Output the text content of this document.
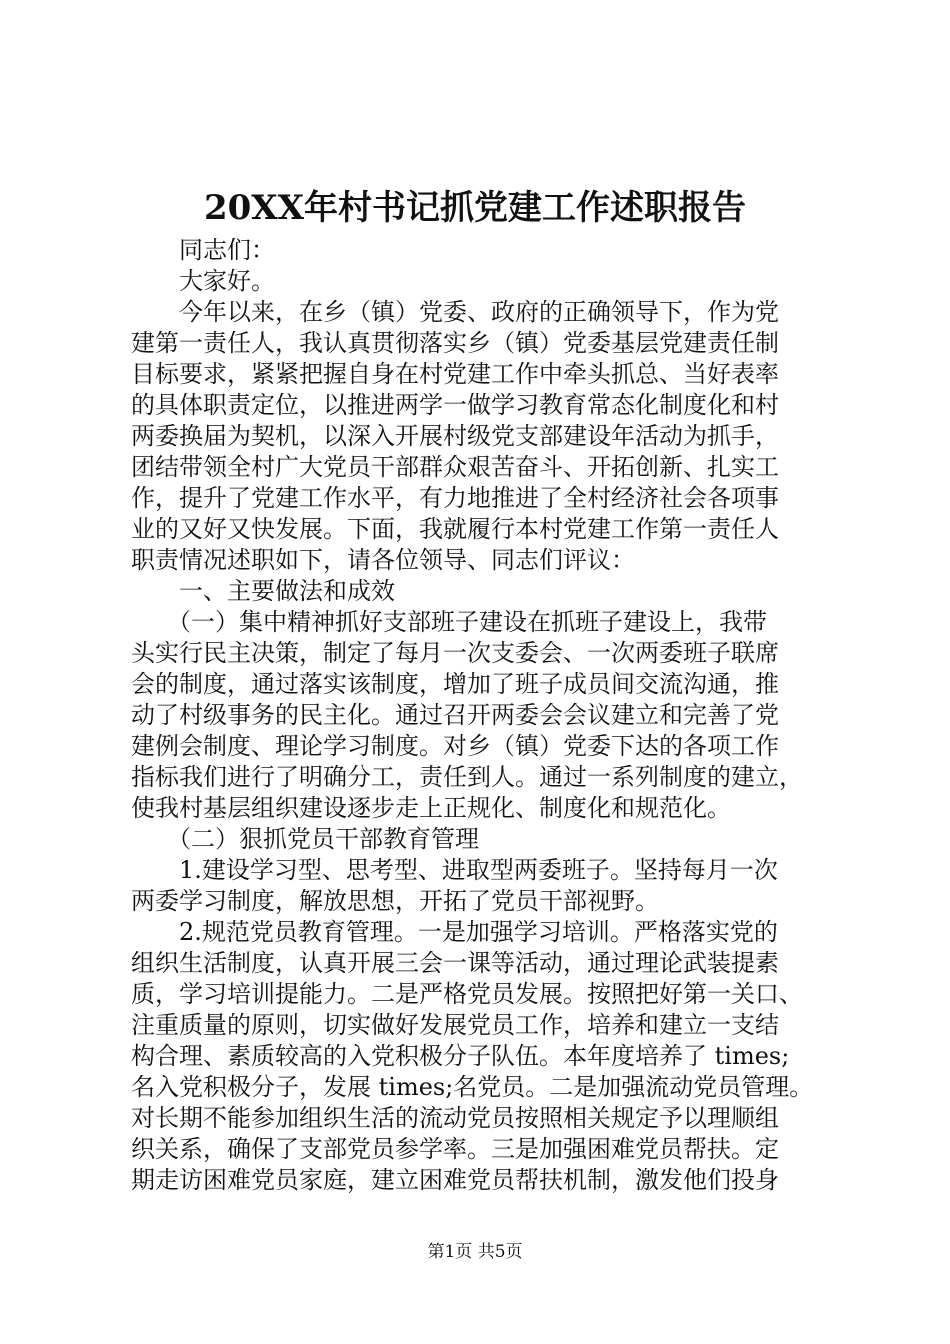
20XX年村书记抓党建工作述职报告
　　同志们：
　　大家好。
　　今年以来，在乡（镇）党委、政府的正确领导下，作为党
建第一责任人，我认真贯彻落实乡（镇）党委基层党建责任制
目标要求，紧紧把握自身在村党建工作中牵头抓总、当好表率
的具体职责定位，以推进两学一做学习教育常态化制度化和村
两委换届为契机，以深入开展村级党支部建设年活动为抓手，
团结带领全村广大党员干部群众艰苦奋斗、开拓创新、扎实工
作，提升了党建工作水平，有力地推进了全村经济社会各项事
业的又好又快发展。下面，我就履行本村党建工作第一责任人
职责情况述职如下，请各位领导、同志们评议：
　　一、主要做法和成效
　　（一）集中精神抓好支部班子建设在抓班子建设上，我带
头实行民主决策，制定了每月一次支委会、一次两委班子联席
会的制度，通过落实该制度，增加了班子成员间交流沟通，推
动了村级事务的民主化。通过召开两委会会议建立和完善了党
建例会制度、理论学习制度。对乡（镇）党委下达的各项工作
指标我们进行了明确分工，责任到人。通过一系列制度的建立，
使我村基层组织建设逐步走上正规化、制度化和规范化。
　　（二）狠抓党员干部教育管理
　　1.建设学习型、思考型、进取型两委班子。坚持每月一次
两委学习制度，解放思想，开拓了党员干部视野。
　　2.规范党员教育管理。一是加强学习培训。严格落实党的
组织生活制度，认真开展三会一课等活动，通过理论武装提素
质，学习培训提能力。二是严格党员发展。按照把好第一关口、
注重质量的原则，切实做好发展党员工作，培养和建立一支结
构合理、素质较高的入党积极分子队伍。本年度培养了 times;
名入党积极分子，发展 times;名党员。二是加强流动党员管理。
对长期不能参加组织生活的流动党员按照相关规定予以理顺组
织关系，确保了支部党员参学率。三是加强困难党员帮扶。定
期走访困难党员家庭，建立困难党员帮扶机制，激发他们投身
第1页 共5页
